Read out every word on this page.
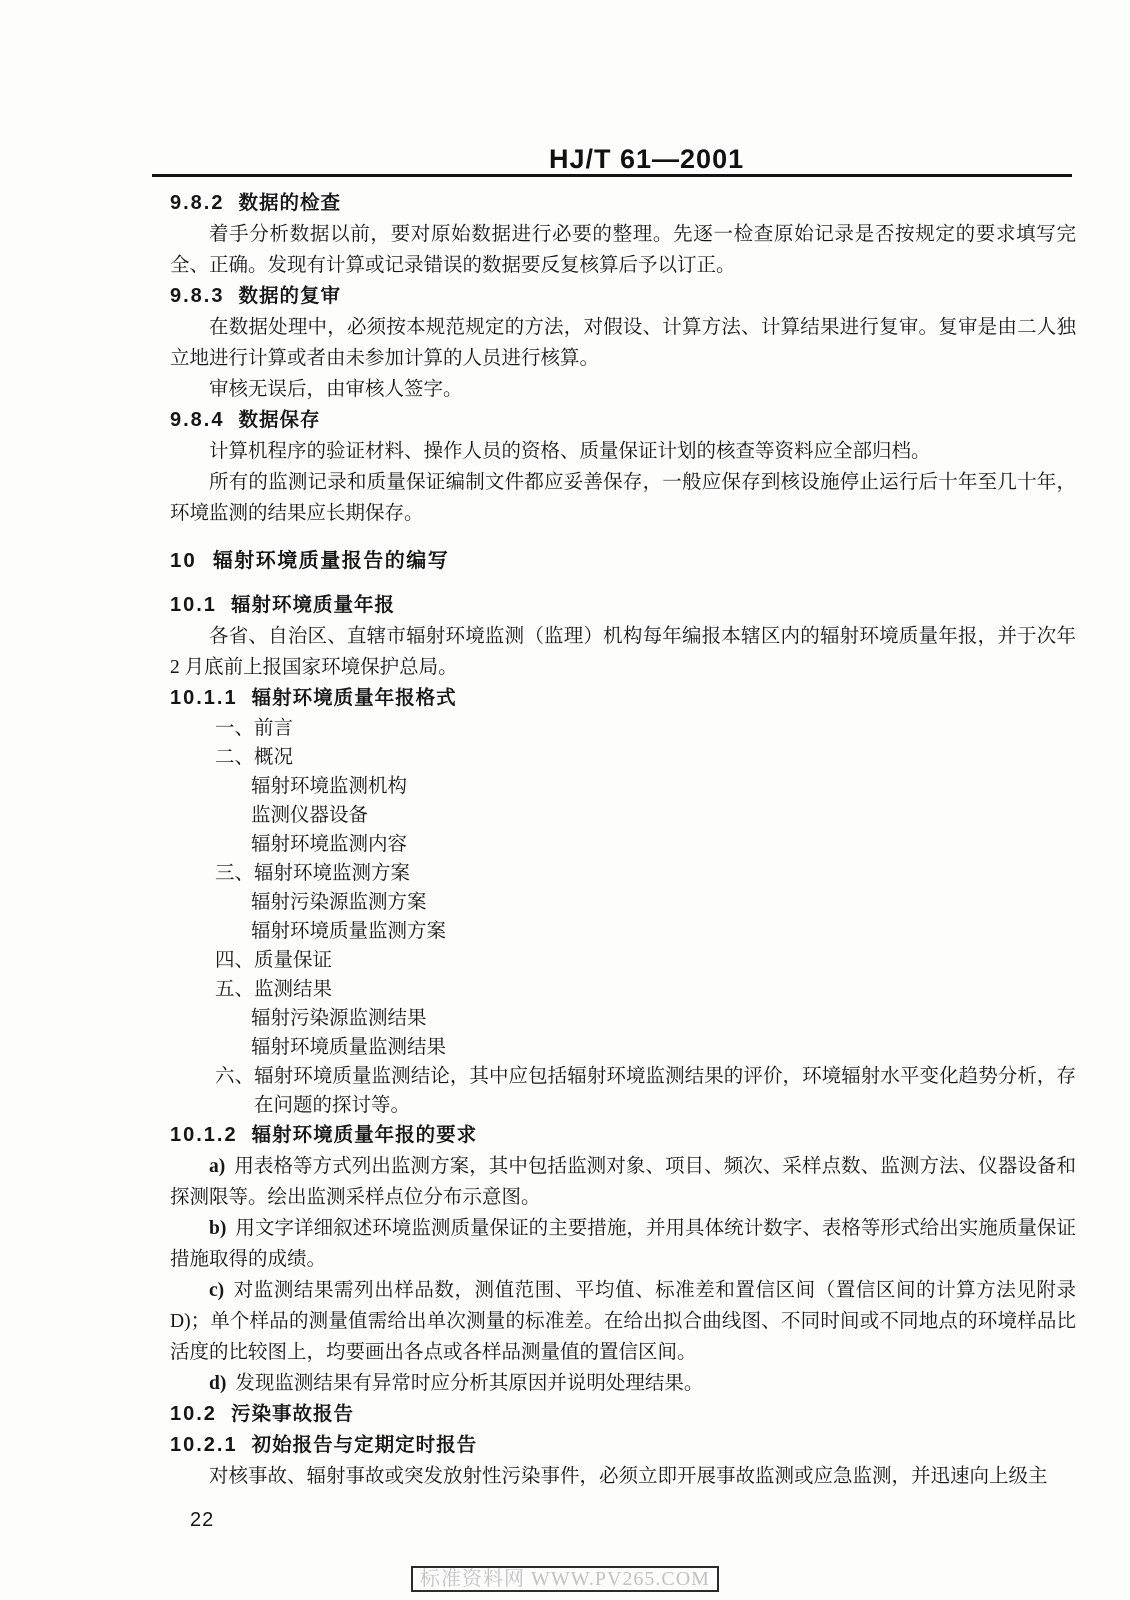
HJ/T 61—2001
9.8.2 数据的检查
着手分析数据以前，要对原始数据进行必要的整理。先逐一检查原始记录是否按规定的要求填写完全、正确。发现有计算或记录错误的数据要反复核算后予以订正。
9.8.3 数据的复审
在数据处理中，必须按本规范规定的方法，对假设、计算方法、计算结果进行复审。复审是由二人独立地进行计算或者由未参加计算的人员进行核算。
审核无误后，由审核人签字。
9.8.4 数据保存
计算机程序的验证材料、操作人员的资格、质量保证计划的核查等资料应全部归档。
所有的监测记录和质量保证编制文件都应妥善保存，一般应保存到核设施停止运行后十年至几十年，环境监测的结果应长期保存。
10 辐射环境质量报告的编写
10.1 辐射环境质量年报
各省、自治区、直辖市辐射环境监测（监理）机构每年编报本辖区内的辐射环境质量年报，并于次年 2 月底前上报国家环境保护总局。
10.1.1 辐射环境质量年报格式
一、前言
二、概况
辐射环境监测机构
监测仪器设备
辐射环境监测内容
三、辐射环境监测方案
辐射污染源监测方案
辐射环境质量监测方案
四、质量保证
五、监测结果
辐射污染源监测结果
辐射环境质量监测结果
六、辐射环境质量监测结论，其中应包括辐射环境监测结果的评价，环境辐射水平变化趋势分析，存在问题的探讨等。
10.1.2 辐射环境质量年报的要求
a) 用表格等方式列出监测方案，其中包括监测对象、项目、频次、采样点数、监测方法、仪器设备和探测限等。绘出监测采样点位分布示意图。
b) 用文字详细叙述环境监测质量保证的主要措施，并用具体统计数字、表格等形式给出实施质量保证措施取得的成绩。
c) 对监测结果需列出样品数，测值范围、平均值、标准差和置信区间（置信区间的计算方法见附录D)；单个样品的测量值需给出单次测量的标准差。在给出拟合曲线图、不同时间或不同地点的环境样品比活度的比较图上，均要画出各点或各样品测量值的置信区间。
d) 发现监测结果有异常时应分析其原因并说明处理结果。
10.2 污染事故报告
10.2.1 初始报告与定期定时报告
对核事故、辐射事故或突发放射性污染事件，必须立即开展事故监测或应急监测，并迅速向上级主
22
标准资料网 WWW.PV265.COM
